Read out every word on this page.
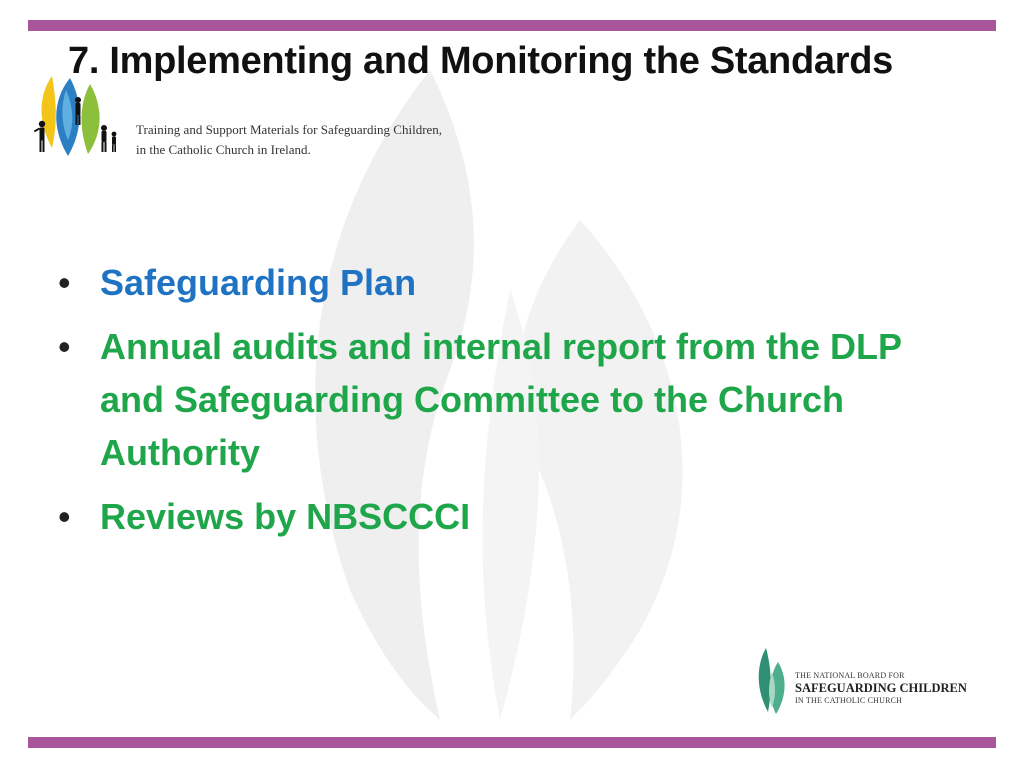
7. Implementing and Monitoring the Standards
Training and Support Materials for Safeguarding Children,
in the Catholic Church in Ireland.
• Safeguarding Plan
• Annual audits and internal report from the DLP and Safeguarding Committee to the Church Authority
• Reviews by NBSCCCI
THE NATIONAL BOARD FOR
SAFEGUARDING CHILDREN
IN THE CATHOLIC CHURCH
